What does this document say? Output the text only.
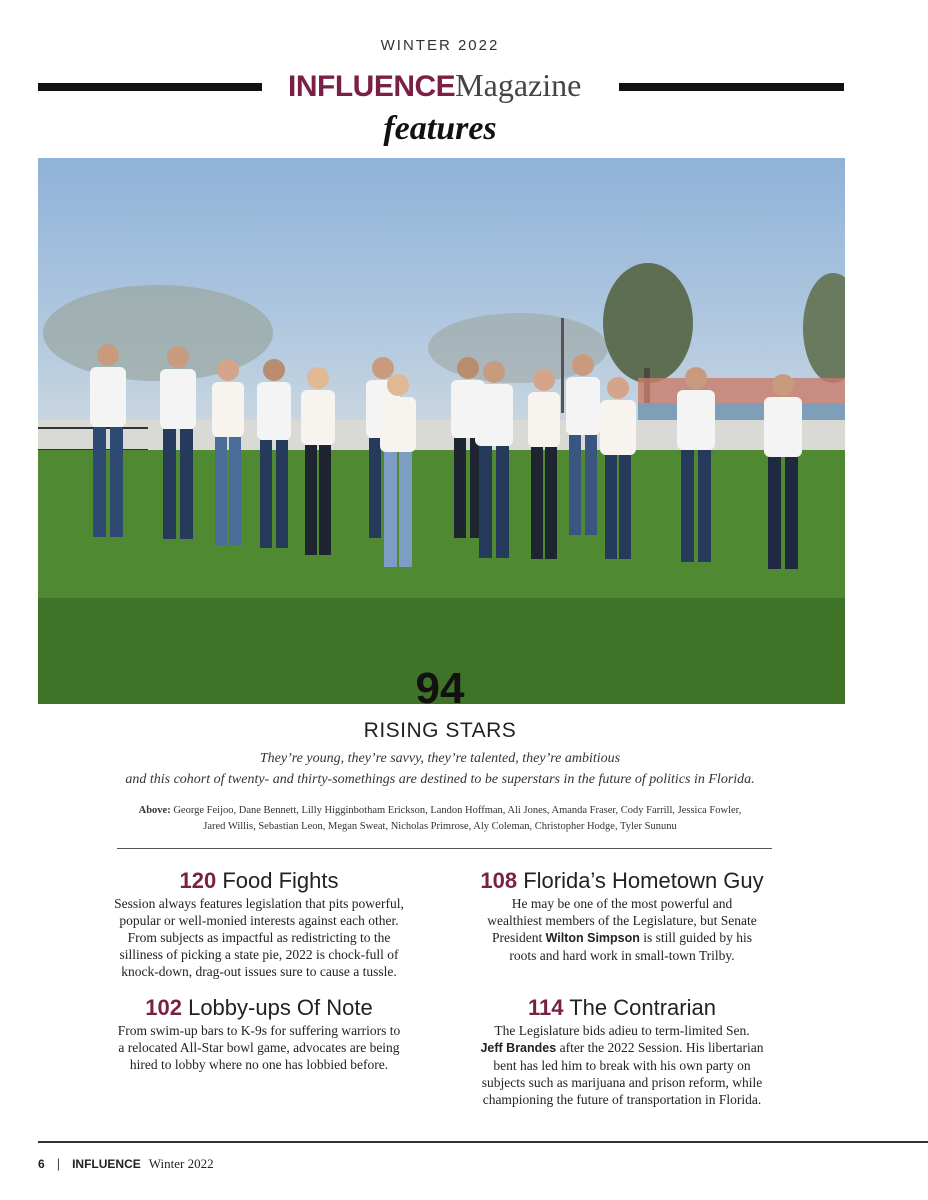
WINTER 2022
INFLUENCEMagazine
features
94
RISING STARS
They’re young, they’re savvy, they’re talented, they’re ambitious
and this cohort of twenty- and thirty-somethings are destined to be superstars in the future of politics in Florida.
Above: George Feijoo, Dane Bennett, Lilly Higginbotham Erickson, Landon Hoffman, Ali Jones, Amanda Fraser, Cody Farrill, Jessica Fowler,
Jared Willis, Sebastian Leon, Megan Sweat, Nicholas Primrose, Aly Coleman, Christopher Hodge, Tyler Sununu
120 Food Fights
Session always features legislation that pits powerful,
popular or well-monied interests against each other.
From subjects as impactful as redistricting to the
silliness of picking a state pie, 2022 is chock-full of
knock-down, drag-out issues sure to cause a tussle.
102 Lobby-ups Of Note
From swim-up bars to K-9s for suffering warriors to
a relocated All-Star bowl game, advocates are being
hired to lobby where no one has lobbied before.
108 Florida’s Hometown Guy
He may be one of the most powerful and
wealthiest members of the Legislature, but Senate
President Wilton Simpson is still guided by his
roots and hard work in small-town Trilby.
114 The Contrarian
The Legislature bids adieu to term-limited Sen.
Jeff Brandes after the 2022 Session. His libertarian
bent has led him to break with his own party on
subjects such as marijuana and prison reform, while
championing the future of transportation in Florida.
6 | INFLUENCE Winter 2022
